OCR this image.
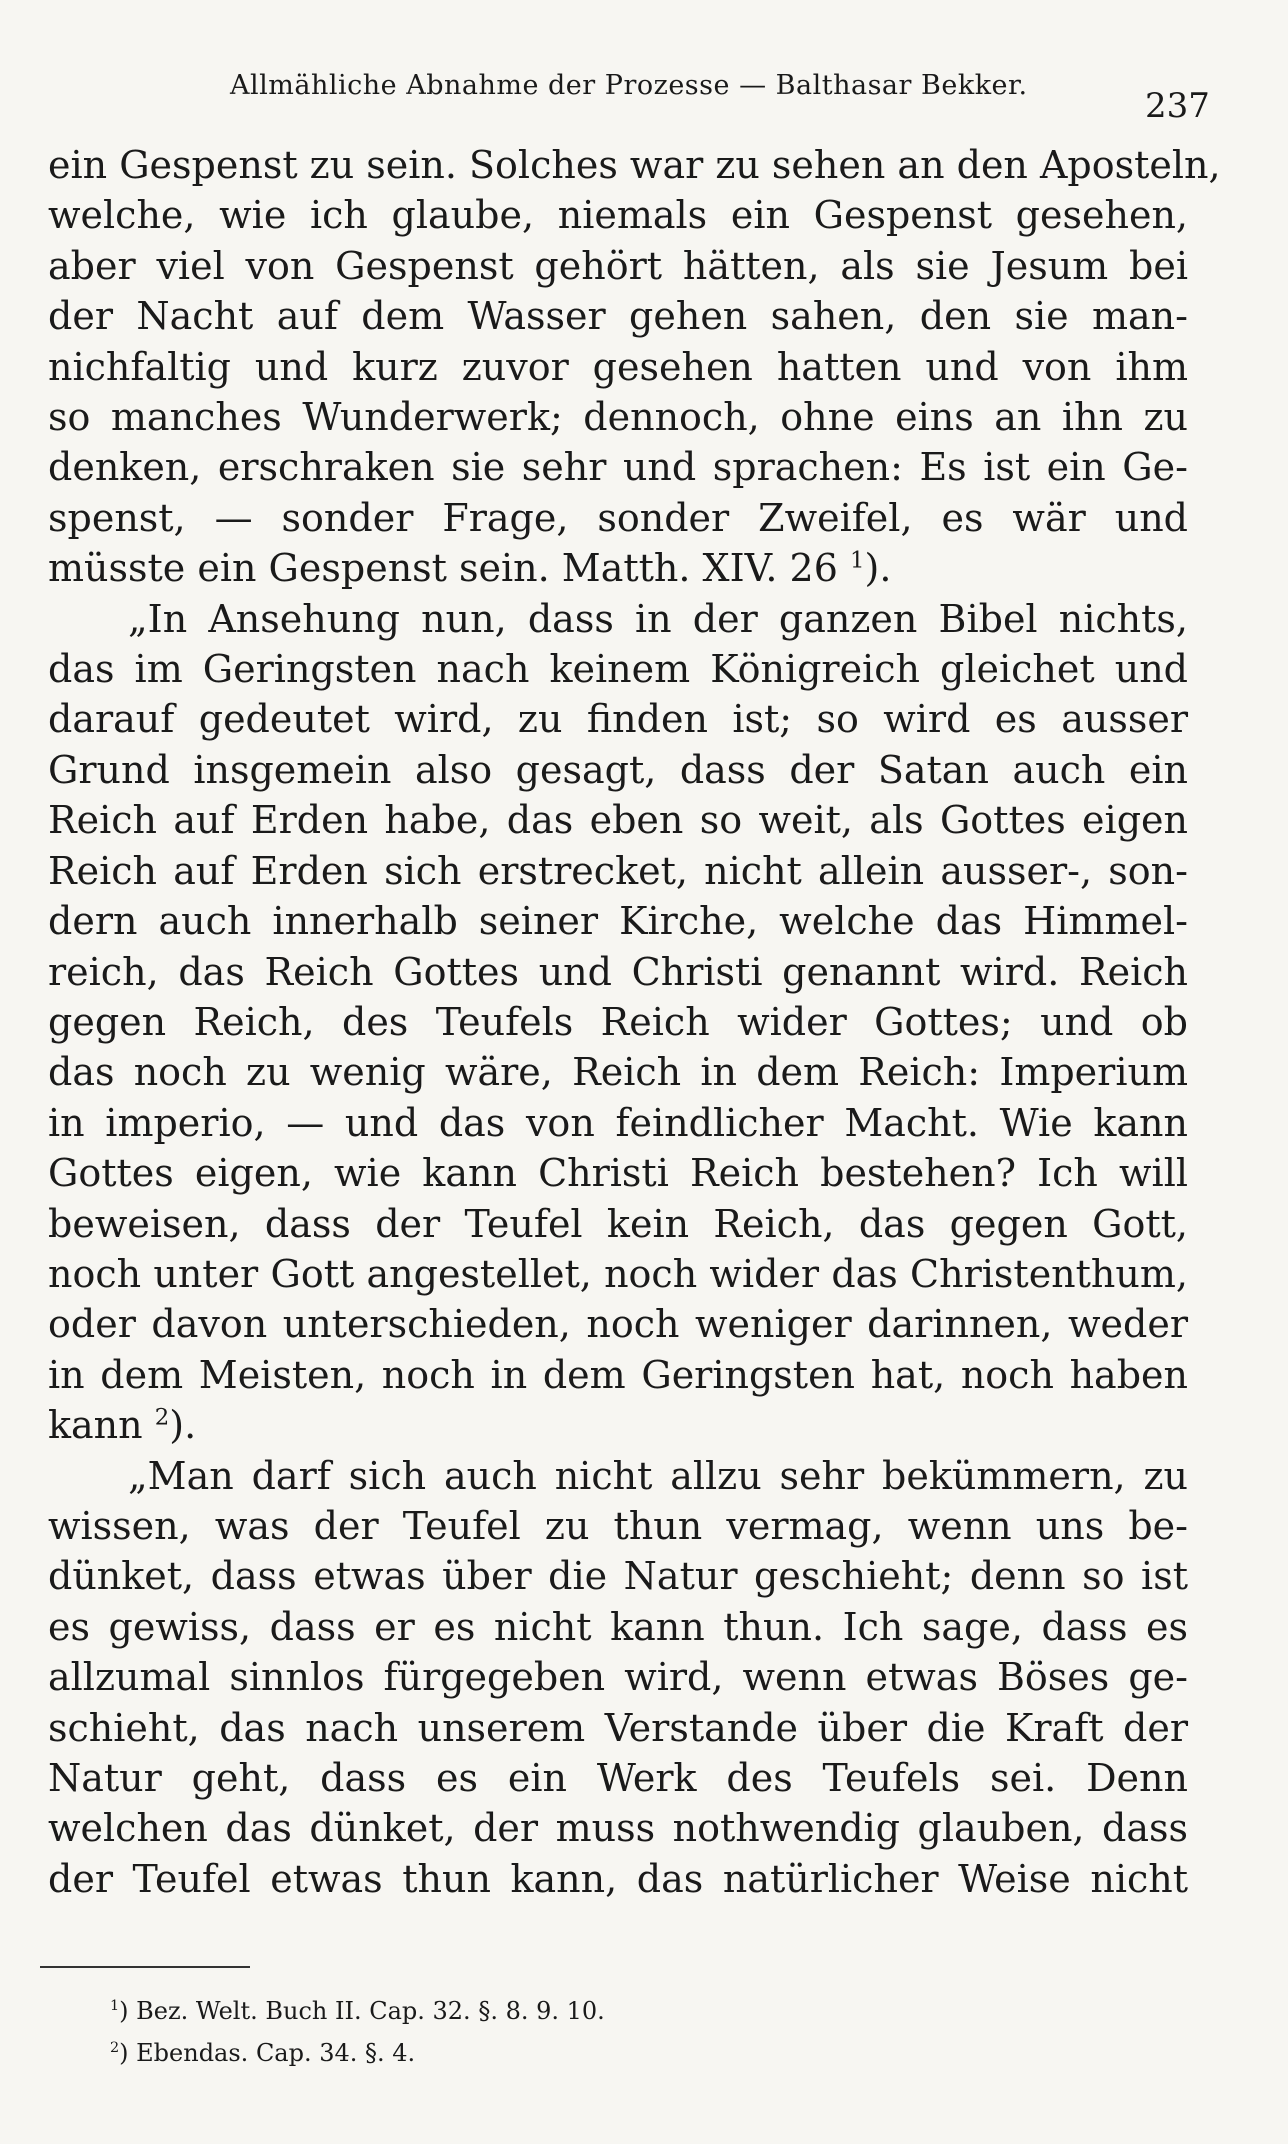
Allmähliche Abnahme der Prozesse — Balthasar Bekker.
237
ein Gespenst zu sein. Solches war zu sehen an den Aposteln,
welche, wie ich glaube, niemals ein Gespenst gesehen,
aber viel von Gespenst gehört hätten, als sie Jesum bei
der Nacht auf dem Wasser gehen sahen, den sie man-
nichfaltig und kurz zuvor gesehen hatten und von ihm
so manches Wunderwerk; dennoch, ohne eins an ihn zu
denken, erschraken sie sehr und sprachen: Es ist ein Ge-
spenst, — sonder Frage, sonder Zweifel, es wär und
müsste ein Gespenst sein. Matth. XIV. 26 $^1$).
„In Ansehung nun, dass in der ganzen Bibel nichts,
das im Geringsten nach keinem Königreich gleichet und
darauf gedeutet wird, zu finden ist; so wird es ausser
Grund insgemein also gesagt, dass der Satan auch ein
Reich auf Erden habe, das eben so weit, als Gottes eigen
Reich auf Erden sich erstrecket, nicht allein ausser-, son-
dern auch innerhalb seiner Kirche, welche das Himmel-
reich, das Reich Gottes und Christi genannt wird. Reich
gegen Reich, des Teufels Reich wider Gottes; und ob
das noch zu wenig wäre, Reich in dem Reich: Imperium
in imperio, — und das von feindlicher Macht. Wie kann
Gottes eigen, wie kann Christi Reich bestehen? Ich will
beweisen, dass der Teufel kein Reich, das gegen Gott,
noch unter Gott angestellet, noch wider das Christenthum,
oder davon unterschieden, noch weniger darinnen, weder
in dem Meisten, noch in dem Geringsten hat, noch haben
kann $^2$).
„Man darf sich auch nicht allzu sehr bekümmern, zu
wissen, was der Teufel zu thun vermag, wenn uns be-
dünket, dass etwas über die Natur geschieht; denn so ist
es gewiss, dass er es nicht kann thun. Ich sage, dass es
allzumal sinnlos fürgegeben wird, wenn etwas Böses ge-
schieht, das nach unserem Verstande über die Kraft der
Natur geht, dass es ein Werk des Teufels sei. Denn
welchen das dünket, der muss nothwendig glauben, dass
der Teufel etwas thun kann, das natürlicher Weise nicht
$^1$) Bez. Welt. Buch II. Cap. 32. §. 8. 9. 10.
$^2$) Ebendas. Cap. 34. §. 4.
